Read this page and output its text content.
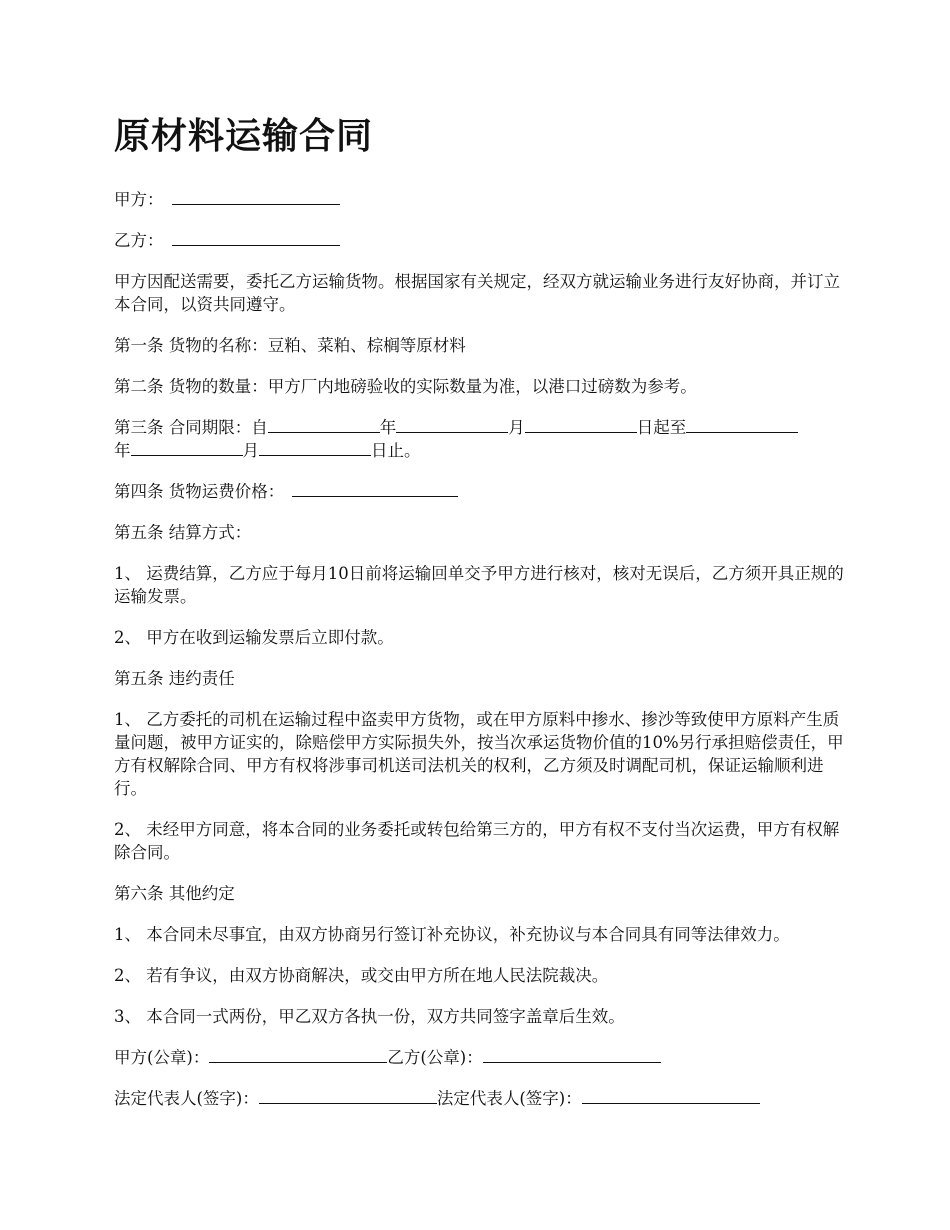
原材料运输合同
甲方：
乙方：
甲方因配送需要，委托乙方运输货物。根据国家有关规定，经双方就运输业务进行友好协商，并订立本合同，以资共同遵守。
第一条 货物的名称：豆粕、菜粕、棕榈等原材料
第二条 货物的数量：甲方厂内地磅验收的实际数量为准，以港口过磅数为参考。
第三条 合同期限：自	年	月	日起至
年	月	日止。
第四条 货物运费价格：
第五条 结算方式：
1、 运费结算，乙方应于每月10日前将运输回单交予甲方进行核对，核对无误后，乙方须开具正规的运输发票。
2、 甲方在收到运输发票后立即付款。
第五条 违约责任
1、 乙方委托的司机在运输过程中盗卖甲方货物，或在甲方原料中掺水、掺沙等致使甲方原料产生质量问题，被甲方证实的，除赔偿甲方实际损失外，按当次承运货物价值的10%另行承担赔偿责任，甲方有权解除合同、甲方有权将涉事司机送司法机关的权利，乙方须及时调配司机，保证运输顺利进行。
2、 未经甲方同意，将本合同的业务委托或转包给第三方的，甲方有权不支付当次运费，甲方有权解除合同。
第六条 其他约定
1、 本合同未尽事宜，由双方协商另行签订补充协议，补充协议与本合同具有同等法律效力。
2、 若有争议，由双方协商解决，或交由甲方所在地人民法院裁决。
3、 本合同一式两份，甲乙双方各执一份，双方共同签字盖章后生效。
甲方(公章)：	乙方(公章)：
法定代表人(签字)：	法定代表人(签字)：
